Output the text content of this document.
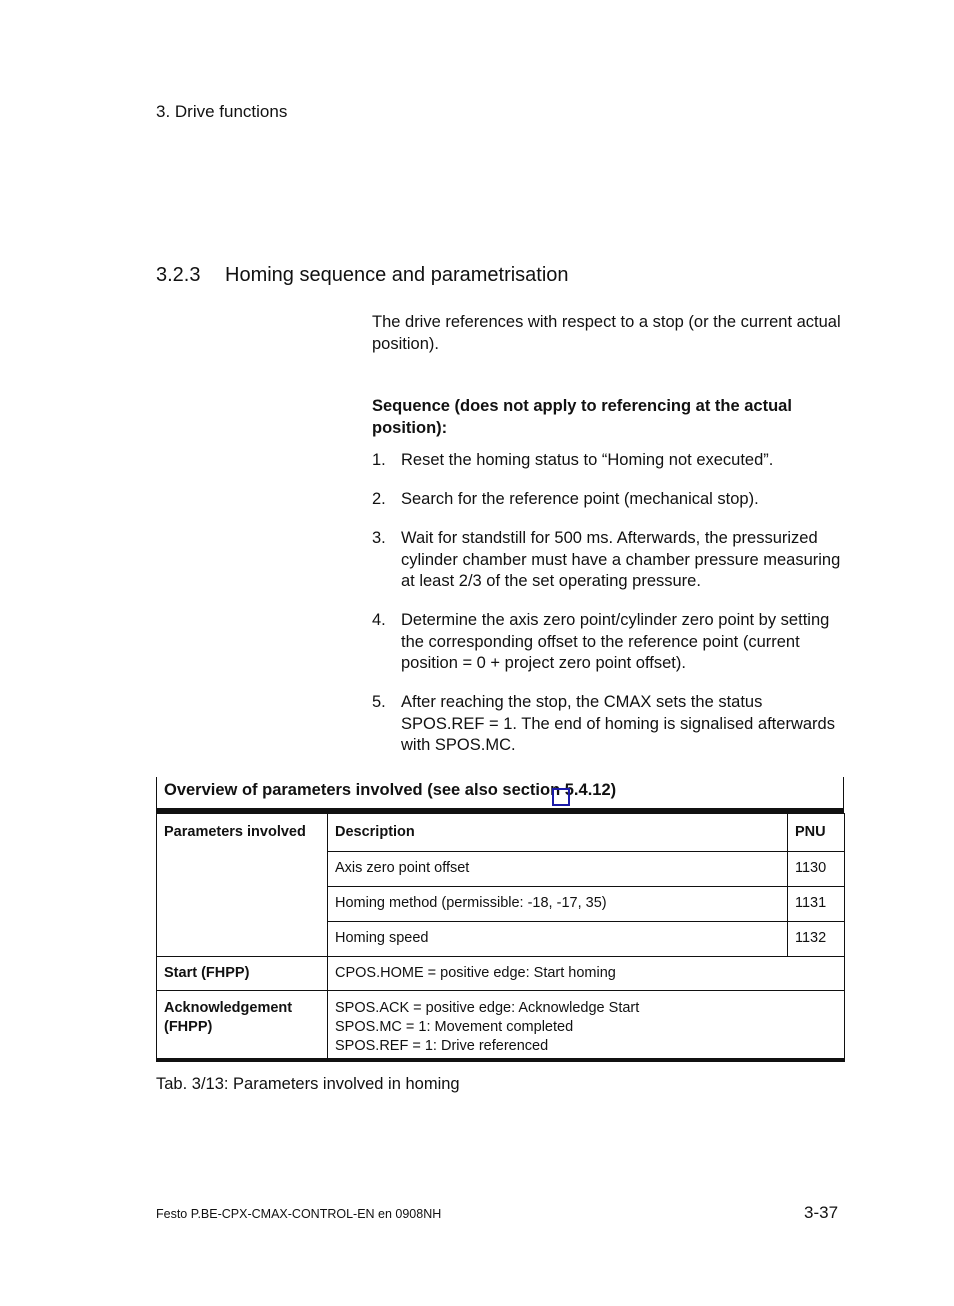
3. Drive functions
3.2.3 Homing sequence and parametrisation
The drive references with respect to a stop (or the current actual position).
Sequence (does not apply to referencing at the actual position):
1. Reset the homing status to “Homing not executed”.
2. Search for the reference point (mechanical stop).
3. Wait for standstill for 500 ms. Afterwards, the pressurized cylinder chamber must have a chamber pressure measuring at least 2/3 of the set operating pressure.
4. Determine the axis zero point/cylinder zero point by setting the corresponding offset to the reference point (current position = 0 + project zero point offset).
5. After reaching the stop, the CMAX sets the status SPOS.REF = 1. The end of homing is signalised afterwards with SPOS.MC.
Overview of parameters involved (see also section 5.4.12)
Parameters involved	Description	PNU
	Axis zero point offset	1130
	Homing method (permissible: -18, -17, 35)	1131
	Homing speed	1132
Start (FHPP)	CPOS.HOME = positive edge: Start homing	

Acknowledgement
(FHPP)	SPOS.ACK = positive edge: Acknowledge Start
SPOS.MC = 1: Movement completed
SPOS.REF = 1: Drive referenced	
Tab. 3/13: Parameters involved in homing
Festo P.BE-CPX-CMAX-CONTROL-EN en 0908NH	3-37
